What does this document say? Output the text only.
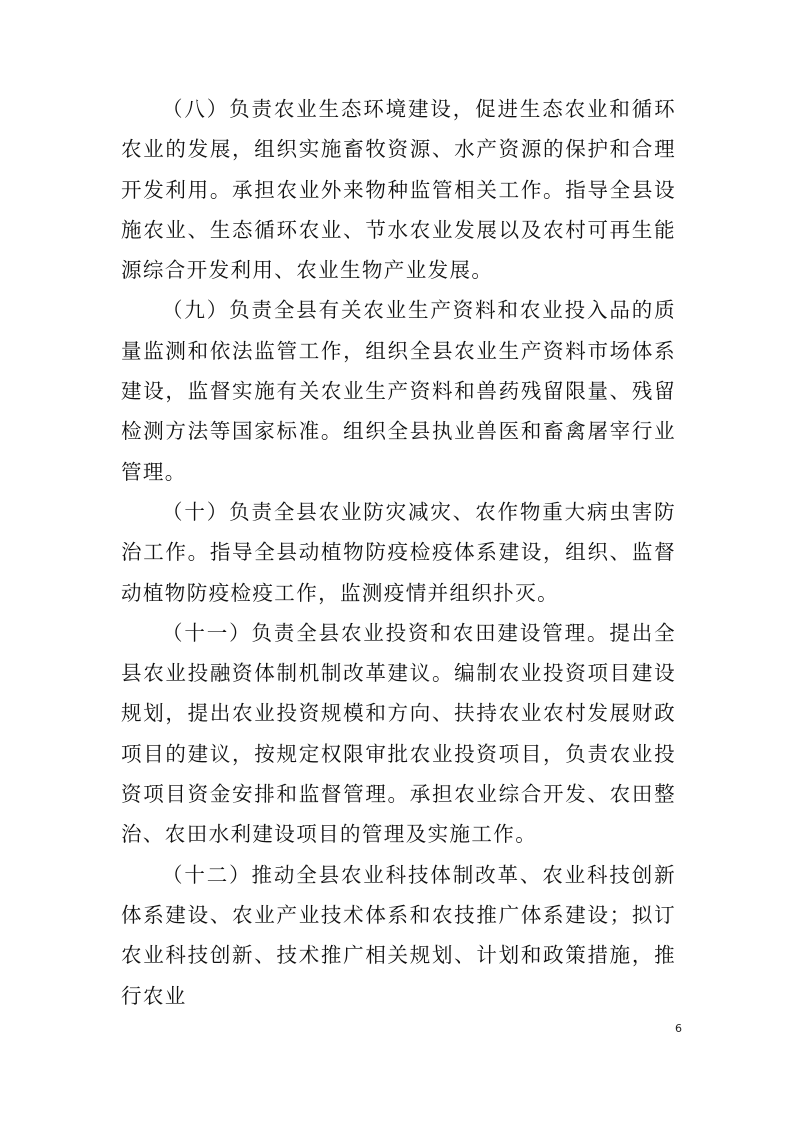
（八）负责农业生态环境建设，促进生态农业和循环农业的发展，组织实施畜牧资源、水产资源的保护和合理开发利用。承担农业外来物种监管相关工作。指导全县设施农业、生态循环农业、节水农业发展以及农村可再生能源综合开发利用、农业生物产业发展。

（九）负责全县有关农业生产资料和农业投入品的质量监测和依法监管工作，组织全县农业生产资料市场体系建设，监督实施有关农业生产资料和兽药残留限量、残留检测方法等国家标准。组织全县执业兽医和畜禽屠宰行业管理。

（十）负责全县农业防灾减灾、农作物重大病虫害防治工作。指导全县动植物防疫检疫体系建设，组织、监督动植物防疫检疫工作，监测疫情并组织扑灭。

（十一）负责全县农业投资和农田建设管理。提出全县农业投融资体制机制改革建议。编制农业投资项目建设规划，提出农业投资规模和方向、扶持农业农村发展财政项目的建议，按规定权限审批农业投资项目，负责农业投资项目资金安排和监督管理。承担农业综合开发、农田整治、农田水利建设项目的管理及实施工作。

（十二）推动全县农业科技体制改革、农业科技创新体系建设、农业产业技术体系和农技推广体系建设；拟订农业科技创新、技术推广相关规划、计划和政策措施，推行农业

6
